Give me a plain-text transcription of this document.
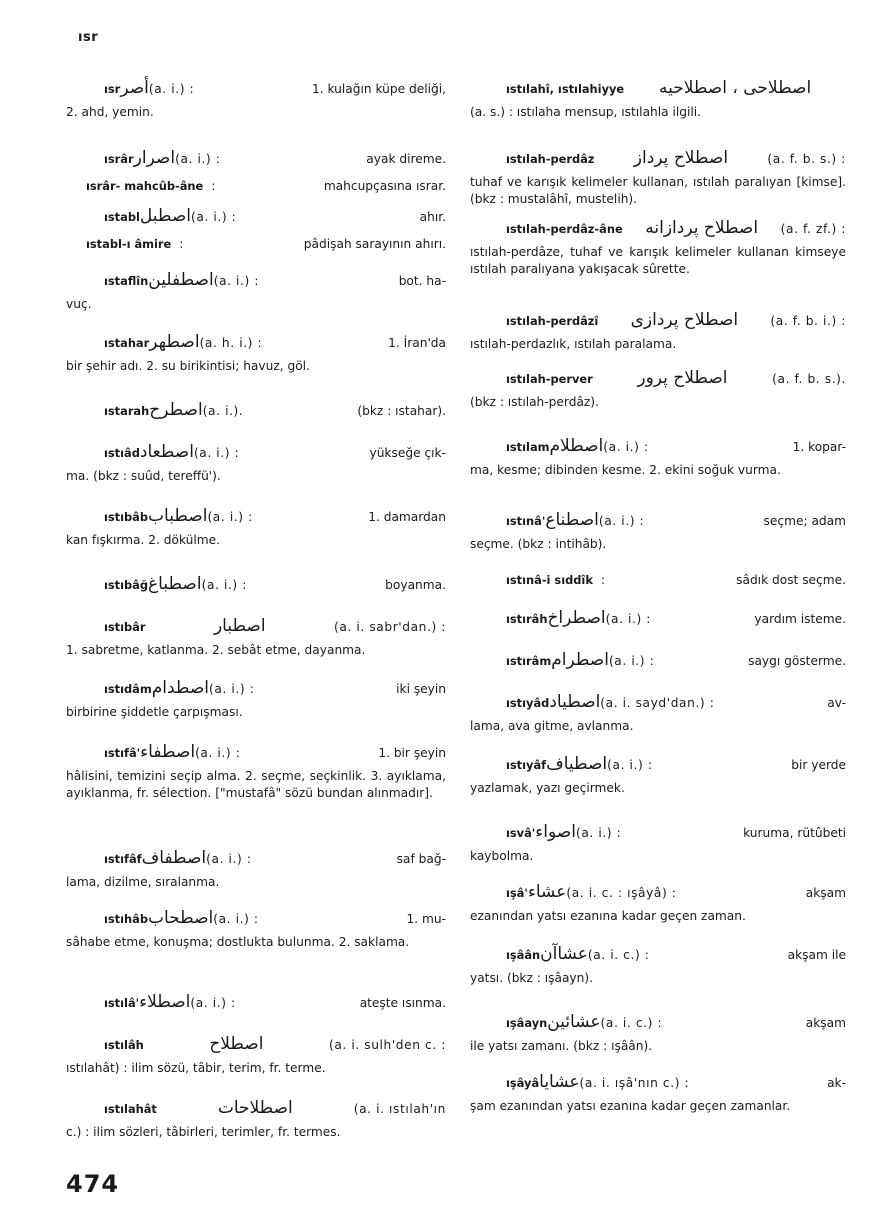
ısr
ısr أصر (a. i.) :	1. kulağın küpe deliği,

2. ahd, yemin.

ısrâr اصرار (a. i.) :	ayak direme.
ısrâr- mahcûb-âne :	mahcupçasına ısrar.
ıstabl اصطبل (a. i.) :	ahır.
ıstabl-ı âmire :	pâdişah sarayının ahırı.
ıstaflîn اصطفلين (a. i.) :	bot. ha-

vuç.

ıstahar اصطهر (a. h. i.) :	1. İran'da

bir şehir adı. 2. su birikintisi; havuz, göl.

ıstarah اصطرح (a. i.).	(bkz : ıstahar).
ıstıâd اصطعاد (a. i.) :	yükseğe çık-

ma. (bkz : suûd, tereffü').

ıstıbâb اصطباب (a. i.) :	1. damardan

kan fışkırma. 2. dökülme.

ıstıbâğ اصطباغ (a. i.) :	boyanma.
ıstıbâr	اصطبار	(a. i. sabr'dan.) :

1. sabretme, katlanma. 2. sebât etme, dayanma.

ıstıdâm اصطدام (a. i.) :	iki şeyin

birbirine şiddetle çarpışması.

ıstıfâ' اصطفاء (a. i.) :	1. bir şeyin

hâlisini, temizini seçip alma. 2. seçme, seçkinlik. 3. ayıklama, ayıklanma, fr. sélection. ["mustafâ" sözü bundan alınmadır].

ıstıfâf اصطفاف (a. i.) :	saf bağ-

lama, dizilme, sıralanma.

ıstıhâb اصطحاب (a. i.) :	1. mu-

sâhabe etme, konuşma; dostlukta bulunma. 2. saklama.

ıstılâ' اصطلاء (a. i.) :	ateşte ısınma.
ıstılâh	اصطلاح	(a. i. sulh'den c. :

ıstılahât) : ilim sözü, tâbir, terim, fr. terme.

ıstılahât	اصطلاحات	(a. i. ıstılah'ın

c.) : ilim sözleri, tâbirleri, terimler, fr. termes.

ıstılahî, ıstılahiyye اصطلاحى ، اصطلاحيه

(a. s.) : ıstılaha mensup, ıstılahla ilgili.

ıstılah-perdâz اصطلاح پرداز	(a. f. b. s.) :

tuhaf ve karışık kelimeler kullanan, ıstılah paralıyan [kimse]. (bkz : mustalâhî, mustelih).

ıstılah-perdâz-âne اصطلاح پردازانه (a. f. zf.) :

ıstılah-perdâze, tuhaf ve karışık kelimeler kullanan kimseye ıstılah paralıyana yakışacak sûrette.

ıstılah-perdâzî اصطلاح پردازى	(a. f. b. i.) :

ıstılah-perdazlık, ıstılah paralama.

ıstılah-perver	اصطلاح پرور	(a. f. b. s.).

(bkz : ıstılah-perdâz).

ıstılam اصطلام (a. i.) :	1. kopar-

ma, kesme; dibinden kesme. 2. ekini soğuk vurma.

ıstınâ' اصطناع (a. i.) :	seçme; adam

seçme. (bkz : intihâb).

ıstınâ-i sıddîk :	sâdık dost seçme.
ıstırâh اصطراخ (a. i.) :	yardım isteme.
ıstırâm اصطرام (a. i.) :	saygı gösterme.
ıstıyâd اصطياد (a. i. sayd'dan.) :	av-

lama, ava gitme, avlanma.

ıstıyâf اصطياف (a. i.) :	bir yerde

yazlamak, yazı geçirmek.

ısvâ' اصواء (a. i.) :	kuruma, rütûbeti

kaybolma.

ışâ' عشاء (a. i. c. : ışâyâ) :	akşam

ezanından yatsı ezanına kadar geçen zaman.

ışâân عشاآن (a. i. c.) :	akşam ile

yatsı. (bkz : ışâayn).

ışâayn عشائين (a. i. c.) :	akşam

ile yatsı zamanı. (bkz : ışâân).

ışâyâ عشايا (a. i. ışâ'nın c.) :	ak-

şam ezanından yatsı ezanına kadar geçen zamanlar.

474
